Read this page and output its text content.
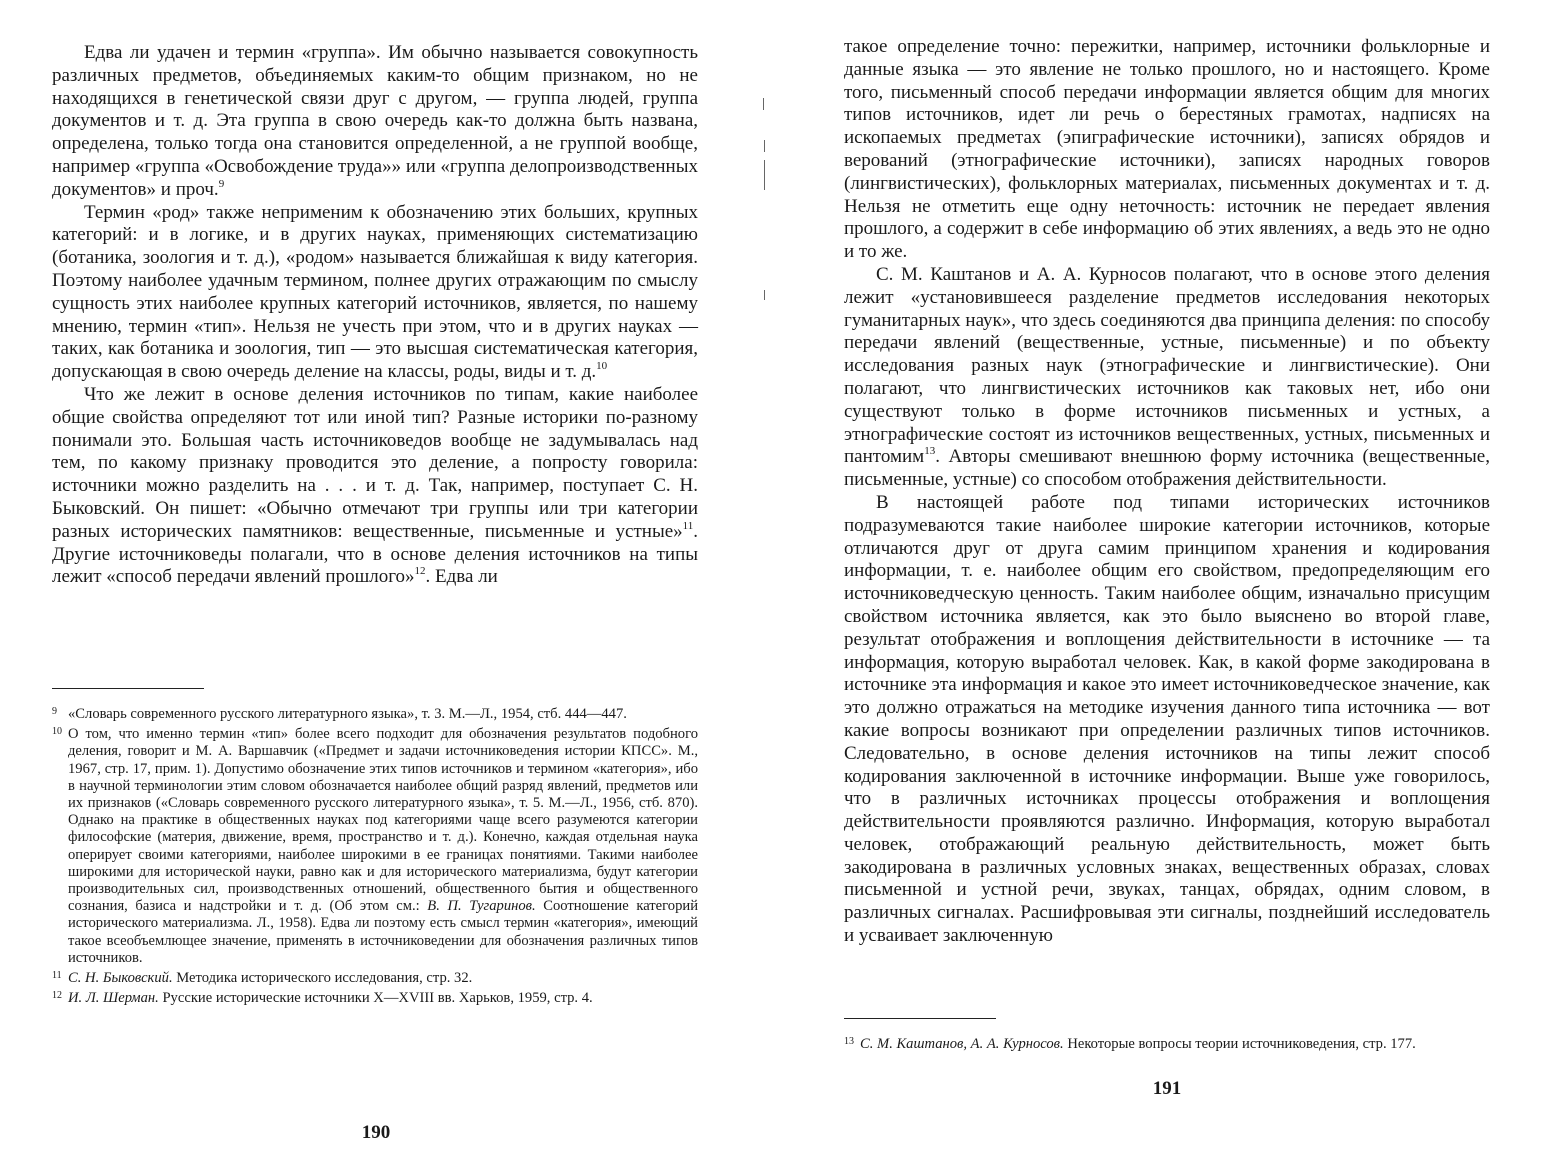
Едва ли удачен и термин «группа». Им обычно называется совокупность различных предметов, объединяемых каким-то общим признаком, но не находящихся в генетической связи друг с другом, — группа людей, группа документов и т. д. Эта группа в свою очередь как-то должна быть названа, определена, только тогда она становится определенной, а не группой вообще, например «группа «Освобождение труда»» или «группа делопроизводственных документов» и проч.$^9$

Термин «род» также неприменим к обозначению этих больших, крупных категорий: и в логике, и в других науках, применяющих систематизацию (ботаника, зоология и т. д.), «родом» называется ближайшая к виду категория. Поэтому наиболее удачным термином, полнее других отражающим по смыслу сущность этих наиболее крупных категорий источников, является, по нашему мнению, термин «тип». Нельзя не учесть при этом, что и в других науках — таких, как ботаника и зоология, тип — это высшая систематическая категория, допускающая в свою очередь деление на классы, роды, виды и т. д.$^{10}$

Что же лежит в основе деления источников по типам, какие наиболее общие свойства определяют тот или иной тип? Разные историки по-разному понимали это. Большая часть источниковедов вообще не задумывалась над тем, по какому признаку проводится это деление, а попросту говорила: источники можно разделить на . . . и т. д. Так, например, поступает С. Н. Быковский. Он пишет: «Обычно отмечают три группы или три категории разных исторических памятников: вещественные, письменные и устные»$^{11}$. Другие источниковеды полагали, что в основе деления источников на типы лежит «способ передачи явлений прошлого»$^{12}$. Едва ли

9 «Словарь современного русского литературного языка», т. 3. М.—Л., 1954, стб. 444—447.

10 О том, что именно термин «тип» более всего подходит для обозначения результатов подобного деления, говорит и М. А. Варшавчик («Предмет и задачи источниковедения истории КПСС». М., 1967, стр. 17, прим. 1). Допустимо обозначение этих типов источников и термином «категория», ибо в научной терминологии этим словом обозначается наиболее общий разряд явлений, предметов или их признаков («Словарь современного русского литературного языка», т. 5. М.—Л., 1956, стб. 870). Однако на практике в общественных науках под категориями чаще всего разумеются категории философские (материя, движение, время, пространство и т. д.). Конечно, каждая отдельная наука оперирует своими категориями, наиболее широкими в ее границах понятиями. Такими наиболее широкими для исторической науки, равно как и для исторического материализма, будут категории производительных сил, производственных отношений, общественного бытия и общественного сознания, базиса и надстройки и т. д. (Об этом см.: В. П. Тугаринов. Соотношение категорий исторического материализма. Л., 1958). Едва ли поэтому есть смысл термин «категория», имеющий такое всеобъемлющее значение, применять в источниковедении для обозначения различных типов источников.

11 С. Н. Быковский. Методика исторического исследования, стр. 32.

12 И. Л. Шерман. Русские исторические источники X—XVIII вв. Харьков, 1959, стр. 4.

190

такое определение точно: пережитки, например, источники фольклорные и данные языка — это явление не только прошлого, но и настоящего. Кроме того, письменный способ передачи информации является общим для многих типов источников, идет ли речь о берестяных грамотах, надписях на ископаемых предметах (эпиграфические источники), записях обрядов и верований (этнографические источники), записях народных говоров (лингвистических), фольклорных материалах, письменных документах и т. д. Нельзя не отметить еще одну неточность: источник не передает явления прошлого, а содержит в себе информацию об этих явлениях, а ведь это не одно и то же.

С. М. Каштанов и А. А. Курносов полагают, что в основе этого деления лежит «установившееся разделение предметов исследования некоторых гуманитарных наук», что здесь соединяются два принципа деления: по способу передачи явлений (вещественные, устные, письменные) и по объекту исследования разных наук (этнографические и лингвистические). Они полагают, что лингвистических источников как таковых нет, ибо они существуют только в форме источников письменных и устных, а этнографические состоят из источников вещественных, устных, письменных и пантомим$^{13}$. Авторы смешивают внешнюю форму источника (вещественные, письменные, устные) со способом отображения действительности.

В настоящей работе под типами исторических источников подразумеваются такие наиболее широкие категории источников, которые отличаются друг от друга самим принципом хранения и кодирования информации, т. е. наиболее общим его свойством, предопределяющим его источниковедческую ценность. Таким наиболее общим, изначально присущим свойством источника является, как это было выяснено во второй главе, результат отображения и воплощения действительности в источнике — та информация, которую выработал человек. Как, в какой форме закодирована в источнике эта информация и какое это имеет источниковедческое значение, как это должно отражаться на методике изучения данного типа источника — вот какие вопросы возникают при определении различных типов источников. Следовательно, в основе деления источников на типы лежит способ кодирования заключенной в источнике информации. Выше уже говорилось, что в различных источниках процессы отображения и воплощения действительности проявляются различно. Информация, которую выработал человек, отображающий реальную действительность, может быть закодирована в различных условных знаках, вещественных образах, словах письменной и устной речи, звуках, танцах, обрядах, одним словом, в различных сигналах. Расшифровывая эти сигналы, позднейший исследователь и усваивает заключенную

13 С. М. Каштанов, А. А. Курносов. Некоторые вопросы теории источниковедения, стр. 177.

191
